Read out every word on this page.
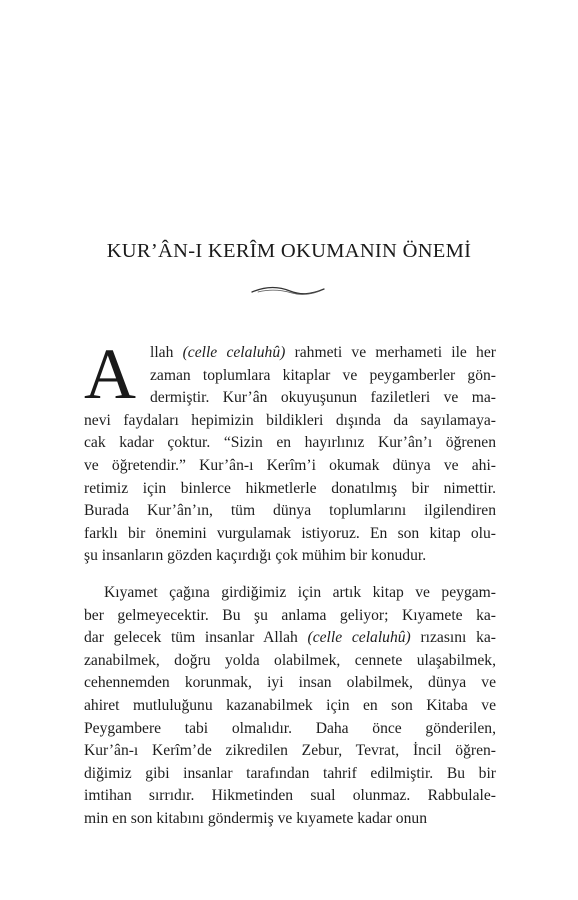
KUR’ÂN-I KERÎM OKUMANIN ÖNEMİ
A llah (celle celaluhû) rahmeti ve merhameti ile her
zaman toplumlara kitaplar ve peygamberler gön-
dermiştir. Kur’ân okuyuşunun faziletleri ve ma-
nevi faydaları hepimizin bildikleri dışında da sayılamaya-
cak kadar çoktur. “Sizin en hayırlınız Kur’ân’ı öğrenen
ve öğretendir.” Kur’ân-ı Kerîm’i okumak dünya ve ahi-
retimiz için binlerce hikmetlerle donatılmış bir nimettir.
Burada Kur’ân’ın, tüm dünya toplumlarını ilgilendiren
farklı bir önemini vurgulamak istiyoruz. En son kitap olu-
şu insanların gözden kaçırdığı çok mühim bir konudur.
Kıyamet çağına girdiğimiz için artık kitap ve peygam-
ber gelmeyecektir. Bu şu anlama geliyor; Kıyamete ka-
dar gelecek tüm insanlar Allah (celle celaluhû) rızasını ka-
zanabilmek, doğru yolda olabilmek, cennete ulaşabilmek,
cehennemden korunmak, iyi insan olabilmek, dünya ve
ahiret mutluluğunu kazanabilmek için en son Kitaba ve
Peygambere tabi olmalıdır. Daha önce gönderilen,
Kur’ân-ı Kerîm’de zikredilen Zebur, Tevrat, İncil öğren-
diğimiz gibi insanlar tarafından tahrif edilmiştir. Bu bir
imtihan sırrıdır. Hikmetinden sual olunmaz. Rabbulale-
min en son kitabını göndermiş ve kıyamete kadar onun
